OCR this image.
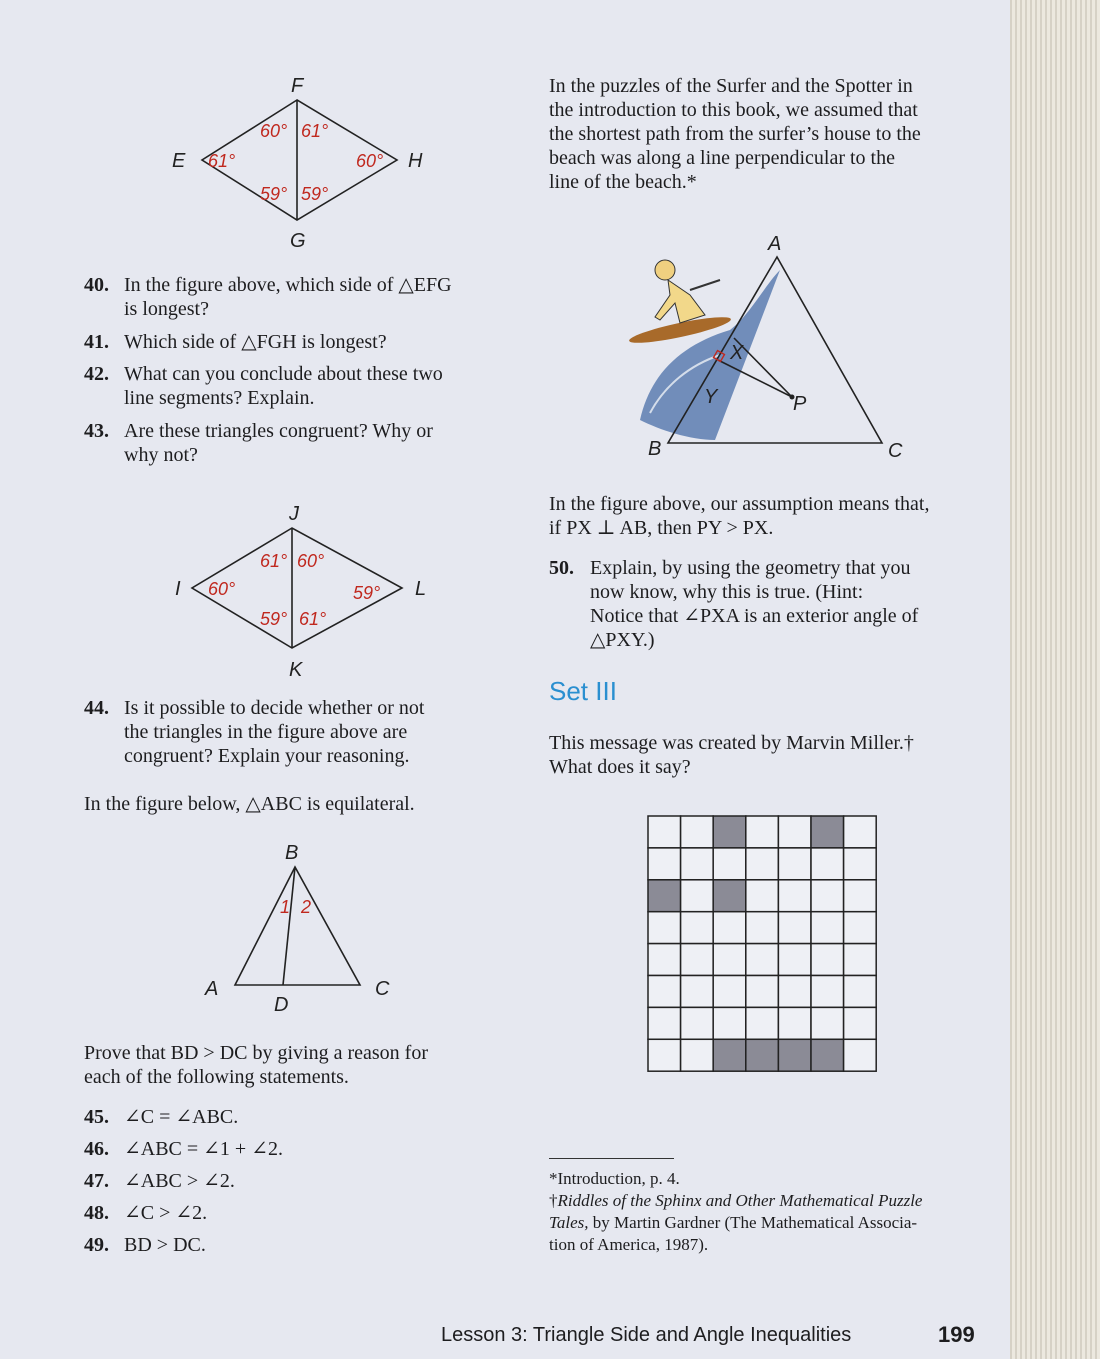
F
E
G
H
60° 61°
61°	60°
59° 59°
40. In the figure above, which side of △EFG
is longest?
41. Which side of △FGH is longest?
42. What can you conclude about these two
line segments? Explain.
43. Are these triangles congruent? Why or
why not?
J
I
K
L
61° 60°
60°	59°
59° 61°
44. Is it possible to decide whether or not
the triangles in the figure above are
congruent? Explain your reasoning.
In the figure below, △ABC is equilateral.
B
A	C
D
1 2
Prove that BD > DC by giving a reason for
each of the following statements.
45. ∠C = ∠ABC.
46. ∠ABC = ∠1 + ∠2.
47. ∠ABC > ∠2.
48. ∠C > ∠2.
49. BD > DC.
In the puzzles of the Surfer and the Spotter in
the introduction to this book, we assumed that
the shortest path from the surfer’s house to the
beach was along a line perpendicular to the
line of the beach.*
A
B	C
P
X
Y
In the figure above, our assumption means that,
if PX ⊥ AB, then PY > PX.
50. Explain, by using the geometry that you
now know, why this is true. (Hint:
Notice that ∠PXA is an exterior angle of
△PXY.)
Set III
This message was created by Marvin Miller.†
What does it say?
*Introduction, p. 4.
†Riddles of the Sphinx and Other Mathematical Puzzle
Tales, by Martin Gardner (The Mathematical Associa-
tion of America, 1987).
Lesson 3: Triangle Side and Angle Inequalities	199
